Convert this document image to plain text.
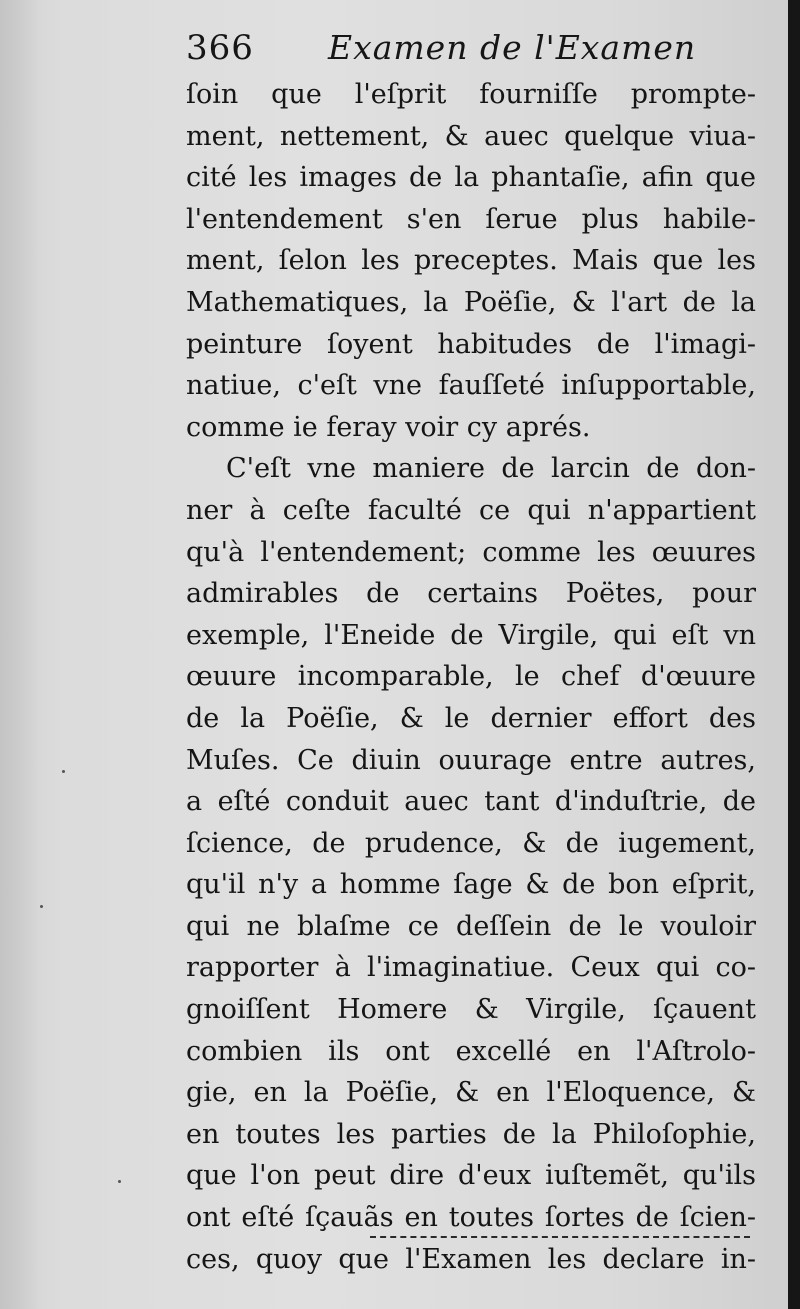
366 Examen de l'Examen
ſoin que l'eſprit fourniſſe prompte-
ment, nettement, & auec quelque viua-
cité les images de la phantaſie, afin que
l'entendement s'en ſerue plus habile-
ment, ſelon les preceptes. Mais que les
Mathematiques, la Poëſie, & l'art de la
peinture ſoyent habitudes de l'imagi-
natiue, c'eſt vne fauſſeté inſupportable,
comme ie feray voir cy aprés.
C'eſt vne maniere de larcin de don-
ner à ceſte faculté ce qui n'appartient
qu'à l'entendement; comme les œuures
admirables de certains Poëtes, pour
exemple, l'Eneide de Virgile, qui eſt vn
œuure incomparable, le chef d'œuure
de la Poëſie, & le dernier effort des
Muſes. Ce diuin ouurage entre autres,
a eſté conduit auec tant d'induſtrie, de
ſcience, de prudence, & de iugement,
qu'il n'y a homme ſage & de bon eſprit,
qui ne blaſme ce deſſein de le vouloir
rapporter à l'imaginatiue. Ceux qui co-
gnoiſſent Homere & Virgile, ſçauent
combien ils ont excellé en l'Aſtrolo-
gie, en la Poëſie, & en l'Eloquence, &
en toutes les parties de la Philoſophie,
que l'on peut dire d'eux iuſtemẽt, qu'ils
ont eſté ſçauãs en toutes ſortes de ſcien-
ces, quoy que l'Examen les declare in-
